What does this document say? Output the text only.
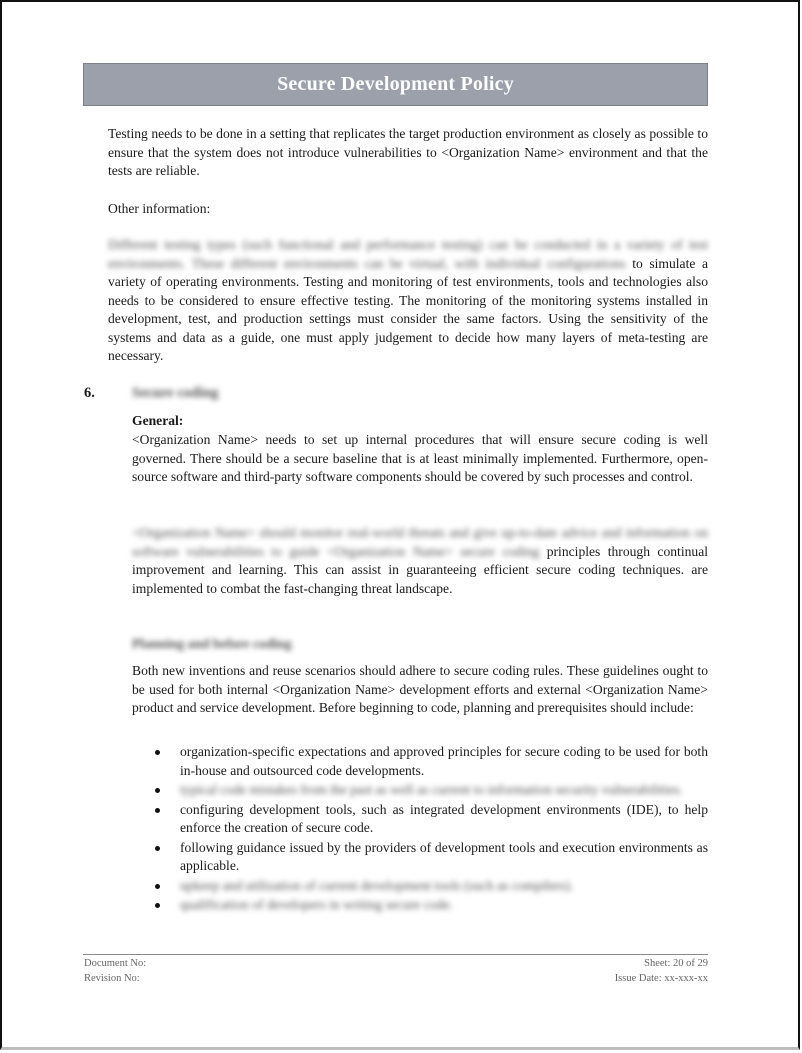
Secure Development Policy
Testing needs to be done in a setting that replicates the target production environment as closely as possible to ensure that the system does not introduce vulnerabilities to <Organization Name> environment and that the tests are reliable.
Other information:
Different testing types (such functional and performance testing) can be conducted in a variety of test environments. These different environments can be virtual, with individual configurations to simulate a variety of operating environments. Testing and monitoring of test environments, tools and technologies also needs to be considered to ensure effective testing. The monitoring of the monitoring systems installed in development, test, and production settings must consider the same factors. Using the sensitivity of the systems and data as a guide, one must apply judgement to decide how many layers of meta-testing are necessary.
6.	Secure coding
General:
<Organization Name> needs to set up internal procedures that will ensure secure coding is well governed. There should be a secure baseline that is at least minimally implemented. Furthermore, open-source software and third-party software components should be covered by such processes and control.
<Organization Name> should monitor real-world threats and give up-to-date advice and information on software vulnerabilities to guide <Organization Name> secure coding principles through continual improvement and learning. This can assist in guaranteeing efficient secure coding techniques. are implemented to combat the fast-changing threat landscape.
Planning and before coding
Both new inventions and reuse scenarios should adhere to secure coding rules. These guidelines ought to be used for both internal <Organization Name> development efforts and external <Organization Name> product and service development. Before beginning to code, planning and prerequisites should include:
organization-specific expectations and approved principles for secure coding to be used for both in-house and outsourced code developments.
typical code mistakes from the past as well as current to information security vulnerabilities.
configuring development tools, such as integrated development environments (IDE), to help enforce the creation of secure code.
following guidance issued by the providers of development tools and execution environments as applicable.
upkeep and utilization of current development tools (such as compilers).
qualification of developers in writing secure code.
Document No:
Revision No:
Sheet: 20 of 29
Issue Date: xx-xxx-xx
